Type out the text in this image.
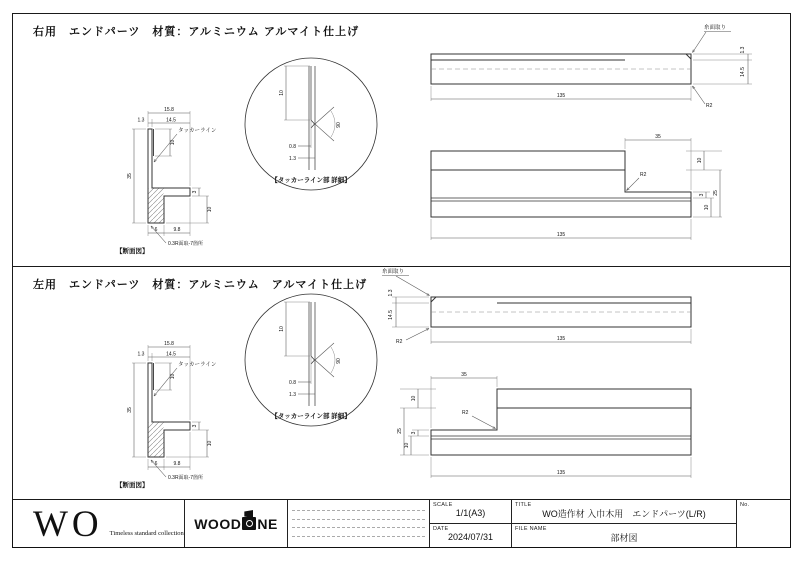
右用　エンドパーツ　材質：アルミニウム アルマイト仕上げ
15.8
1.3	14.5
35
10
3
10
6	9.8
タッカーライン
0.3R面取-7箇所
【断面図】
10
90
0.8
1.3
【タッカーライン部 詳細】
135
1.3
14.5
糸面取り
R2
35
10
25
3
10
R2
135
左用　エンドパーツ　材質：アルミニウム　アルマイト仕上げ
15.8
1.3	14.5
35
10
3
10
6	9.8
タッカーライン
0.3R面取-7箇所
【断面図】
10
90
0.8
1.3
【タッカーライン部 詳細】
135
1.3
14.5
糸面取り
R2
35
10
25 3
10
R2
135
WO Timeless standard collection
WOOD NE
SCALE
1/1(A3)
TITLE
WO造作材 入巾木用　エンドパーツ(L/R)
No.
DATE
2024/07/31
FILE NAME
部材図
